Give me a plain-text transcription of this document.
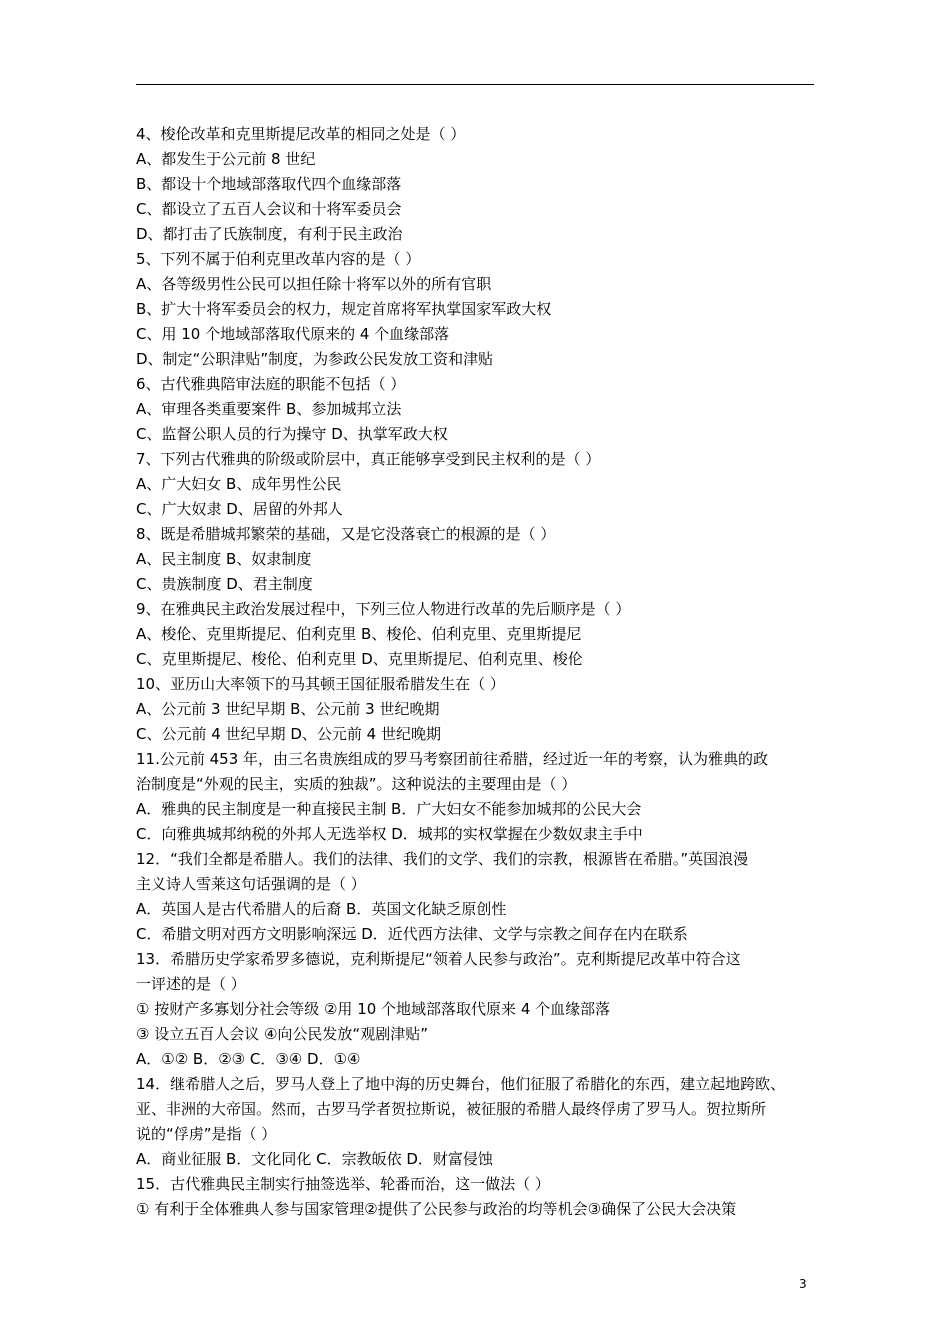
4、梭伦改革和克里斯提尼改革的相同之处是（ ）
A、都发生于公元前 8 世纪
B、都设十个地域部落取代四个血缘部落
C、都设立了五百人会议和十将军委员会
D、都打击了氏族制度，有利于民主政治
5、下列不属于伯利克里改革内容的是（ ）
A、各等级男性公民可以担任除十将军以外的所有官职
B、扩大十将军委员会的权力，规定首席将军执掌国家军政大权
C、用 10 个地域部落取代原来的 4 个血缘部落
D、制定“公职津贴”制度，为参政公民发放工资和津贴
6、古代雅典陪审法庭的职能不包括（ ）
A、审理各类重要案件 B、参加城邦立法
C、监督公职人员的行为操守 D、执掌军政大权
7、下列古代雅典的阶级或阶层中，真正能够享受到民主权利的是（ ）
A、广大妇女 B、成年男性公民
C、广大奴隶 D、居留的外邦人
8、既是希腊城邦繁荣的基础，又是它没落衰亡的根源的是（ ）
A、民主制度 B、奴隶制度
C、贵族制度 D、君主制度
9、在雅典民主政治发展过程中，下列三位人物进行改革的先后顺序是（ ）
A、梭伦、克里斯提尼、伯利克里 B、梭伦、伯利克里、克里斯提尼
C、克里斯提尼、梭伦、伯利克里 D、克里斯提尼、伯利克里、梭伦
10、亚历山大率领下的马其顿王国征服希腊发生在（ ）
A、公元前 3 世纪早期 B、公元前 3 世纪晚期
C、公元前 4 世纪早期 D、公元前 4 世纪晚期
11.公元前 453 年，由三名贵族组成的罗马考察团前往希腊，经过近一年的考察，认为雅典的政
治制度是“外观的民主，实质的独裁”。这种说法的主要理由是（ ）
A．雅典的民主制度是一种直接民主制 B．广大妇女不能参加城邦的公民大会
C．向雅典城邦纳税的外邦人无选举权 D．城邦的实权掌握在少数奴隶主手中
12．“我们全都是希腊人。我们的法律、我们的文学、我们的宗教，根源皆在希腊。”英国浪漫
主义诗人雪莱这句话强调的是（ ）
A．英国人是古代希腊人的后裔 B．英国文化缺乏原创性
C．希腊文明对西方文明影响深远 D．近代西方法律、文学与宗教之间存在内在联系
13．希腊历史学家希罗多德说，克利斯提尼“领着人民参与政治”。克利斯提尼改革中符合这
一评述的是（ ）
① 按财产多寡划分社会等级 ②用 10 个地域部落取代原来 4 个血缘部落
③ 设立五百人会议 ④向公民发放“观剧津贴”
A．①② B．②③ C．③④ D．①④
14．继希腊人之后，罗马人登上了地中海的历史舞台，他们征服了希腊化的东西，建立起地跨欧、
亚、非洲的大帝国。然而，古罗马学者贺拉斯说，被征服的希腊人最终俘虏了罗马人。贺拉斯所
说的“俘虏”是指（ ）
A．商业征服 B．文化同化 C．宗教皈依 D．财富侵蚀
15．古代雅典民主制实行抽签选举、轮番而治，这一做法（ ）
① 有利于全体雅典人参与国家管理②提供了公民参与政治的均等机会③确保了公民大会决策
3
